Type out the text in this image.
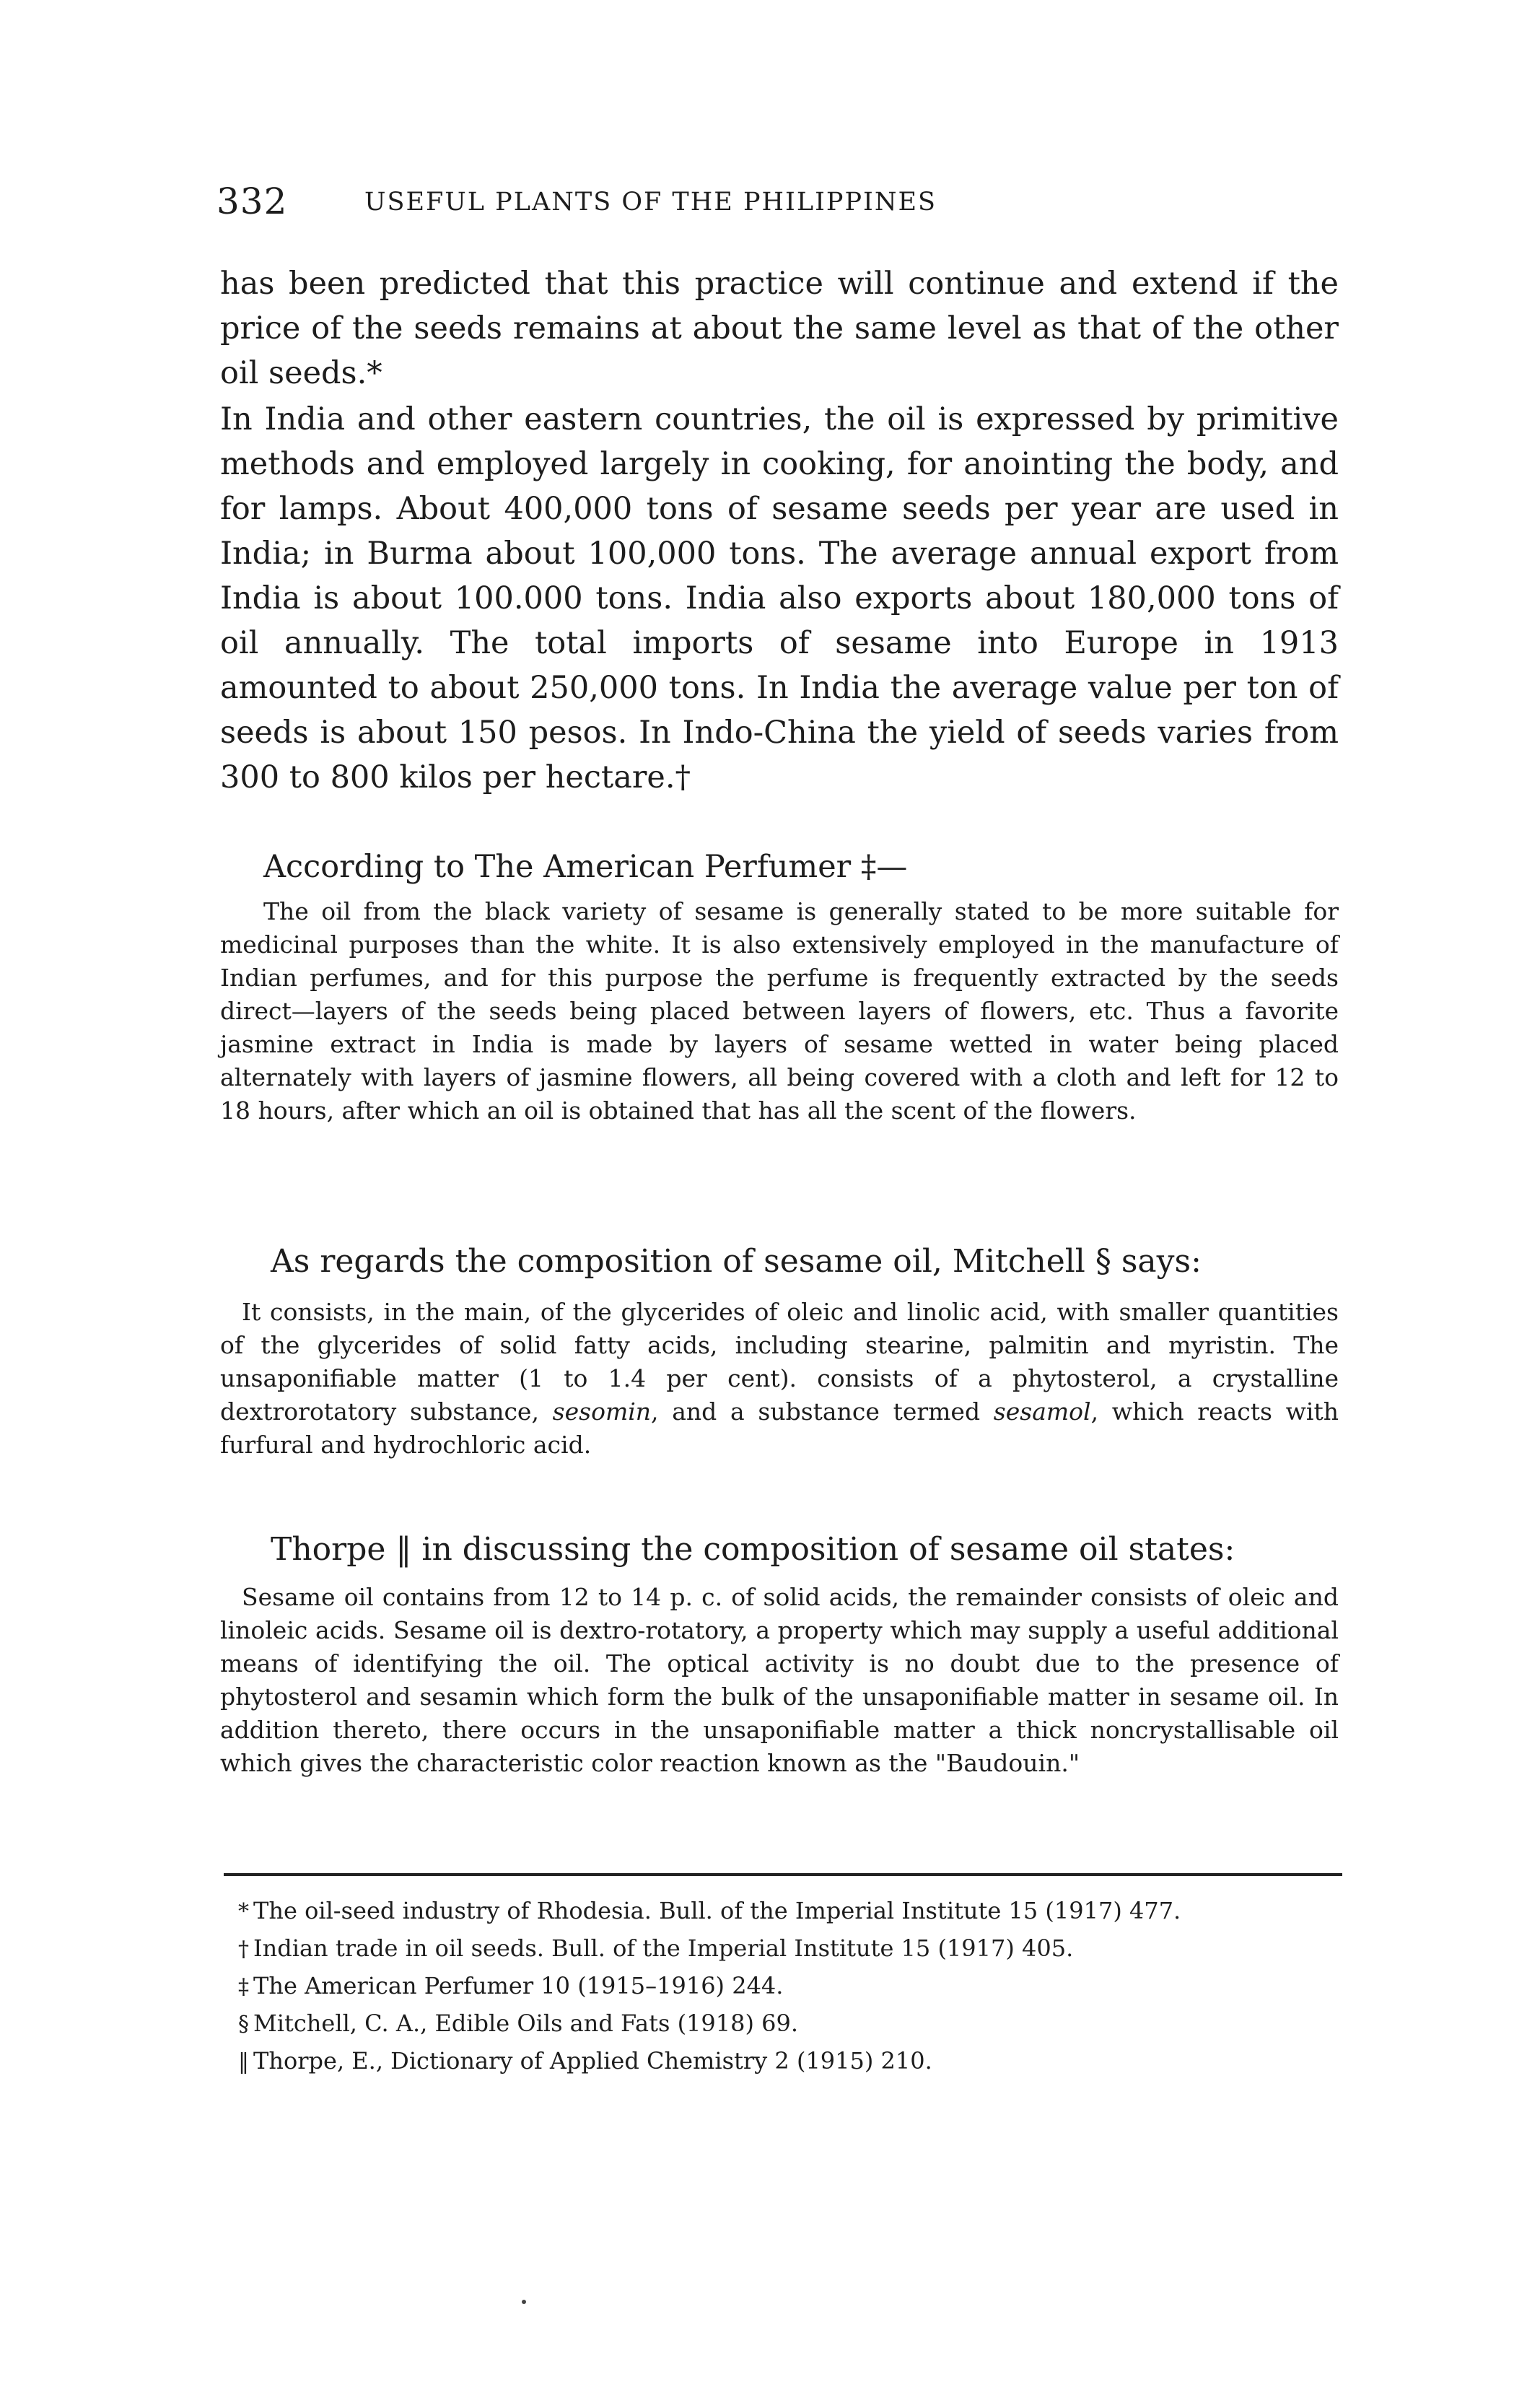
332	USEFUL PLANTS OF THE PHILIPPINES

has been predicted that this practice will continue and extend if the price of the seeds remains at about the same level as that of the other oil seeds.*

In India and other eastern countries, the oil is expressed by primitive methods and employed largely in cooking, for anointing the body, and for lamps. About 400,000 tons of sesame seeds per year are used in India; in Burma about 100,000 tons. The average annual export from India is about 100.000 tons. India also exports about 180,000 tons of oil annually. The total imports of sesame into Europe in 1913 amounted to about 250,000 tons. In India the average value per ton of seeds is about 150 pesos. In Indo-China the yield of seeds varies from 300 to 800 kilos per hectare.†

According to The American Perfumer ‡—

The oil from the black variety of sesame is generally stated to be more suitable for medicinal purposes than the white. It is also extensively employed in the manufacture of Indian perfumes, and for this purpose the perfume is frequently extracted by the seeds direct—layers of the seeds being placed between layers of flowers, etc. Thus a favorite jasmine extract in India is made by layers of sesame wetted in water being placed alternately with layers of jasmine flowers, all being covered with a cloth and left for 12 to 18 hours, after which an oil is obtained that has all the scent of the flowers.

As regards the composition of sesame oil, Mitchell § says:

It consists, in the main, of the glycerides of oleic and linolic acid, with smaller quantities of the glycerides of solid fatty acids, including stearine, palmitin and myristin. The unsaponifiable matter (1 to 1.4 per cent). consists of a phytosterol, a crystalline dextrorotatory substance, sesomin, and a substance termed sesamol, which reacts with furfural and hydrochloric acid.

Thorpe ‖ in discussing the composition of sesame oil states:

Sesame oil contains from 12 to 14 p. c. of solid acids, the remainder consists of oleic and linoleic acids. Sesame oil is dextro-rotatory, a property which may supply a useful additional means of identifying the oil. The optical activity is no doubt due to the presence of phytosterol and sesamin which form the bulk of the unsaponifiable matter in sesame oil. In addition thereto, there occurs in the unsaponifiable matter a thick noncrystallisable oil which gives the characteristic color reaction known as the "Baudouin."

* The oil-seed industry of Rhodesia. Bull. of the Imperial Institute 15 (1917) 477.

† Indian trade in oil seeds. Bull. of the Imperial Institute 15 (1917) 405.

‡ The American Perfumer 10 (1915–1916) 244.

§ Mitchell, C. A., Edible Oils and Fats (1918) 69.

‖ Thorpe, E., Dictionary of Applied Chemistry 2 (1915) 210.
